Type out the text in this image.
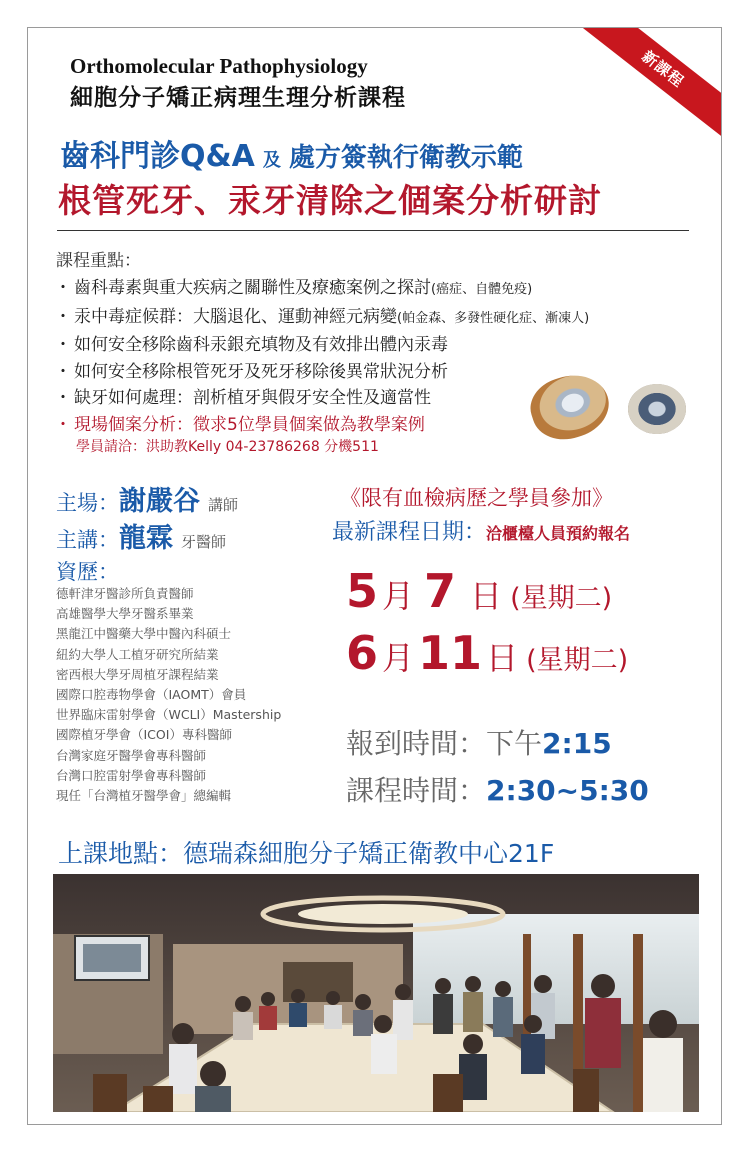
新課程
Orthomolecular Pathophysiology
細胞分子矯正病理生理分析課程
齒科門診Q&A 及 處方簽執行衛教示範
根管死牙、汞牙清除之個案分析研討
課程重點：
・ 齒科毒素與重大疾病之關聯性及療癒案例之探討(癌症、自體免疫)
・ 汞中毒症候群：大腦退化、運動神經元病變(帕金森、多發性硬化症、漸凍人)
・ 如何安全移除齒科汞銀充填物及有效排出體內汞毒
・ 如何安全移除根管死牙及死牙移除後異常狀況分析
・ 缺牙如何處理：剖析植牙與假牙安全性及適當性
・ 現場個案分析：徵求5位學員個案做為教學案例
學員請洽：洪助教Kelly 04-23786268 分機511
主場：謝嚴谷 講師
主講：龍霖 牙醫師
資歷：
德軒津牙醫診所負責醫師
高雄醫學大學牙醫系畢業
黑龍江中醫藥大學中醫內科碩士
紐約大學人工植牙研究所結業
密西根大學牙周植牙課程結業
國際口腔毒物學會（IAOMT）會員
世界臨床雷射學會（WCLI）Mastership
國際植牙學會（ICOI）專科醫師
台灣家庭牙醫學會專科醫師
台灣口腔雷射學會專科醫師
現任「台灣植牙醫學會」總編輯
《限有血檢病歷之學員參加》
最新課程日期：洽櫃檯人員預約報名
5 月 7 日 (星期二)
6 月11 日 (星期二)
報到時間：下午2:15
課程時間：2:30~5:30
上課地點：德瑞森細胞分子矯正衛教中心21F
